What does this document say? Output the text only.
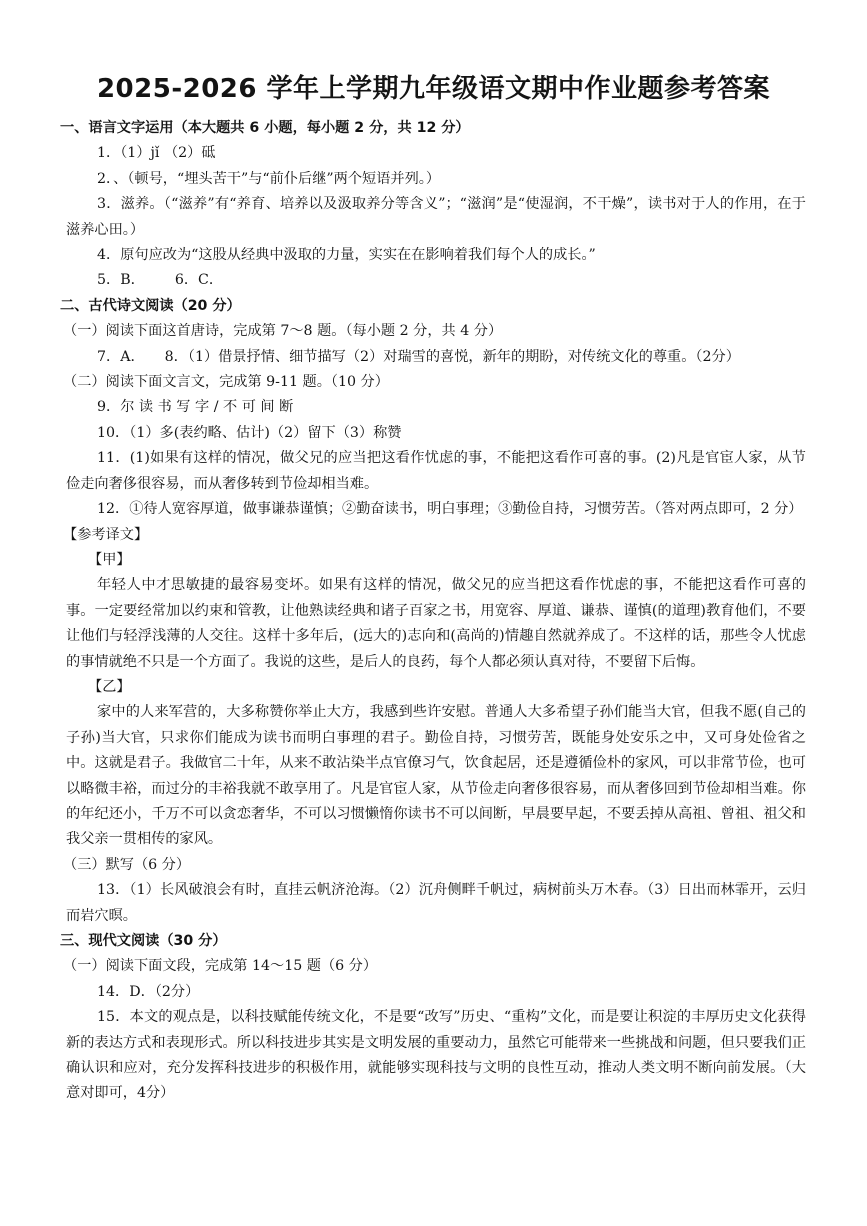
2025-2026 学年上学期九年级语文期中作业题参考答案

一、语言文字运用（本大题共 6 小题，每小题 2 分，共 12 分）

1．（1）jǐ （2）砥

2．、（顿号，“埋头苦干”与“前仆后继”两个短语并列。）

3．滋养。（“滋养”有“养育、培养以及汲取养分等含义”；“滋润”是“使湿润，不干燥”，读书对于人的作用，在于滋养心田。）

4．原句应改为“这股从经典中汲取的力量，实实在在影响着我们每个人的成长。”

5．B． 6．C．

二、古代诗文阅读（20 分）

（一）阅读下面这首唐诗，完成第 7～8 题。（每小题 2 分，共 4 分）

7．A． 8．（1）借景抒情、细节描写（2）对瑞雪的喜悦，新年的期盼，对传统文化的尊重。（2分）

（二）阅读下面文言文，完成第 9-11 题。（10 分）

9．尔 读 书 写 字 / 不 可 间 断

10．（1）多(表约略、估计)（2）留下（3）称赞

11．(1)如果有这样的情况，做父兄的应当把这看作忧虑的事，不能把这看作可喜的事。(2)凡是官宦人家，从节俭走向奢侈很容易，而从奢侈转到节俭却相当难。

12．①待人宽容厚道，做事谦恭谨慎；②勤奋读书，明白事理；③勤俭自持，习惯劳苦。（答对两点即可，2 分）

【参考译文】

【甲】

年轻人中才思敏捷的最容易变坏。如果有这样的情况，做父兄的应当把这看作忧虑的事，不能把这看作可喜的事。一定要经常加以约束和管教，让他熟读经典和诸子百家之书，用宽容、厚道、谦恭、谨慎(的道理)教育他们，不要让他们与轻浮浅薄的人交往。这样十多年后，(远大的)志向和(高尚的)情趣自然就养成了。不这样的话，那些令人忧虑的事情就绝不只是一个方面了。我说的这些，是后人的良药，每个人都必须认真对待，不要留下后悔。

【乙】

家中的人来军营的，大多称赞你举止大方，我感到些许安慰。普通人大多希望子孙们能当大官，但我不愿(自己的子孙)当大官，只求你们能成为读书而明白事理的君子。勤俭自持，习惯劳苦，既能身处安乐之中，又可身处俭省之中。这就是君子。我做官二十年，从来不敢沾染半点官僚习气，饮食起居，还是遵循俭朴的家风，可以非常节俭，也可以略微丰裕，而过分的丰裕我就不敢享用了。凡是官宦人家，从节俭走向奢侈很容易，而从奢侈回到节俭却相当难。你的年纪还小，千万不可以贪恋奢华，不可以习惯懒惰你读书不可以间断，早晨要早起，不要丢掉从高祖、曾祖、祖父和我父亲一贯相传的家风。

（三）默写（6 分）

13．（1）长风破浪会有时，直挂云帆济沧海。（2）沉舟侧畔千帆过，病树前头万木春。（3）日出而林霏开，云归而岩穴暝。

三、现代文阅读（30 分）

（一）阅读下面文段，完成第 14～15 题（6 分）

14．D．（2分）

15．本文的观点是，以科技赋能传统文化，不是要“改写”历史、“重构”文化，而是要让积淀的丰厚历史文化获得新的表达方式和表现形式。所以科技进步其实是文明发展的重要动力，虽然它可能带来一些挑战和问题，但只要我们正确认识和应对，充分发挥科技进步的积极作用，就能够实现科技与文明的良性互动，推动人类文明不断向前发展。（大意对即可，4分）
